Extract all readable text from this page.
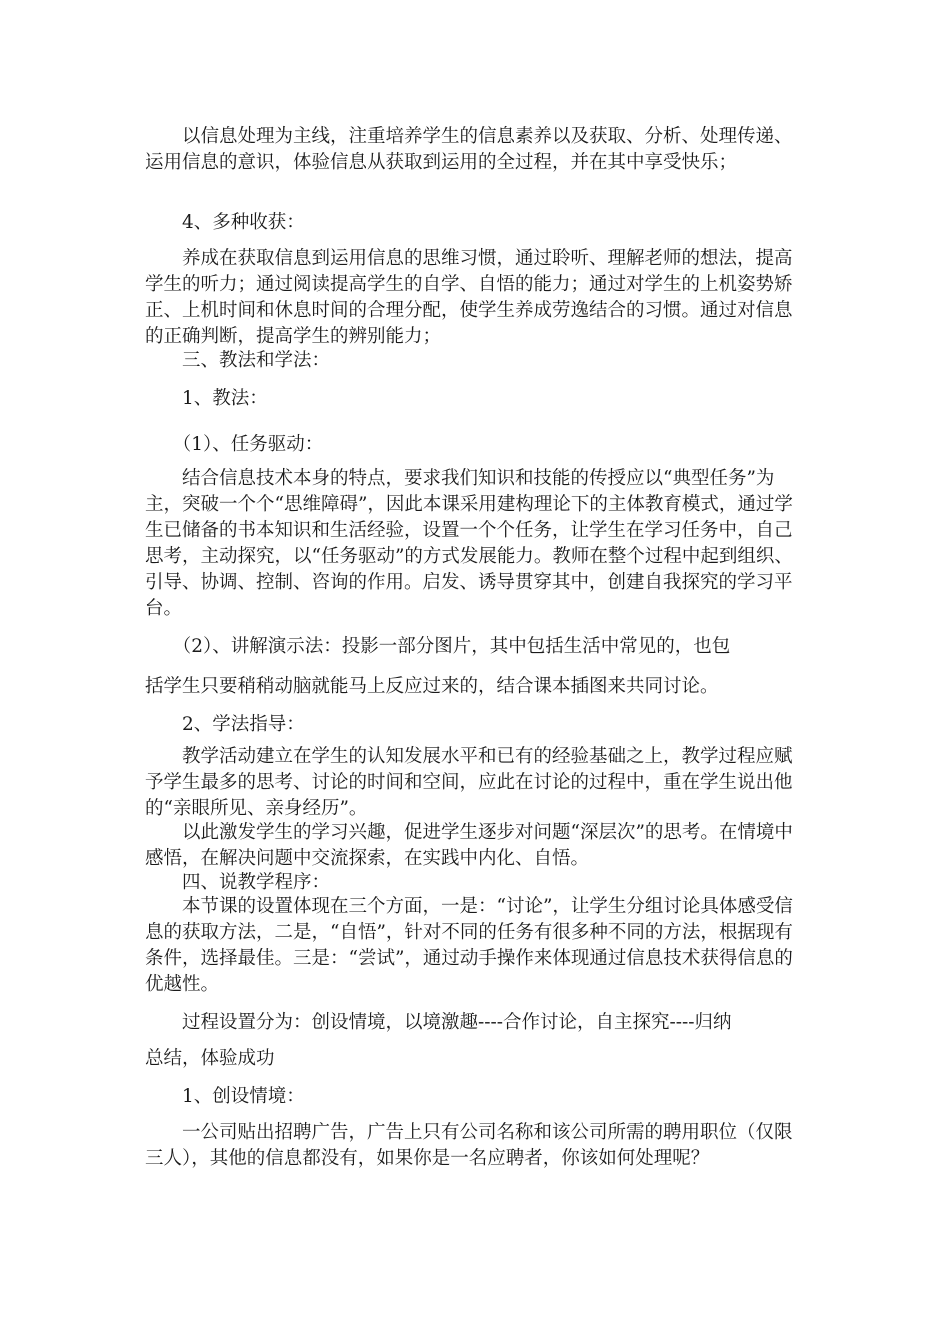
　　以信息处理为主线，注重培养学生的信息素养以及获取、分析、处理传递、运用信息的意识，体验信息从获取到运用的全过程，并在其中享受快乐；

　　4、多种收获：

　　养成在获取信息到运用信息的思维习惯，通过聆听、理解老师的想法，提高学生的听力；通过阅读提高学生的自学、自悟的能力；通过对学生的上机姿势矫正、上机时间和休息时间的合理分配，使学生养成劳逸结合的习惯。通过对信息的正确判断，提高学生的辨别能力；

　　三、教法和学法：

　　1、教法：

　　（1）、任务驱动：

　　结合信息技术本身的特点，要求我们知识和技能的传授应以“典型任务”为主，突破一个个“思维障碍”，因此本课采用建构理论下的主体教育模式，通过学生已储备的书本知识和生活经验，设置一个个任务，让学生在学习任务中，自己思考，主动探究，以“任务驱动”的方式发展能力。教师在整个过程中起到组织、引导、协调、控制、咨询的作用。启发、诱导贯穿其中，创建自我探究的学习平台。

　　（2）、讲解演示法：投影一部分图片，其中包括生活中常见的，也包

括学生只要稍稍动脑就能马上反应过来的，结合课本插图来共同讨论。

　　2、学法指导：

　　教学活动建立在学生的认知发展水平和已有的经验基础之上，教学过程应赋予学生最多的思考、讨论的时间和空间，应此在讨论的过程中，重在学生说出他的“亲眼所见、亲身经历”。

　　以此激发学生的学习兴趣，促进学生逐步对问题“深层次”的思考。在情境中感悟，在解决问题中交流探索，在实践中内化、自悟。

　　四、说教学程序：

　　本节课的设置体现在三个方面，一是：“讨论”，让学生分组讨论具体感受信息的获取方法，二是，“自悟”，针对不同的任务有很多种不同的方法，根据现有条件，选择最佳。三是：“尝试”，通过动手操作来体现通过信息技术获得信息的优越性。

　　过程设置分为：创设情境，以境激趣----合作讨论，自主探究----归纳

总结，体验成功

　　1、创设情境：

　　一公司贴出招聘广告，广告上只有公司名称和该公司所需的聘用职位（仅限三人），其他的信息都没有，如果你是一名应聘者，你该如何处理呢？
